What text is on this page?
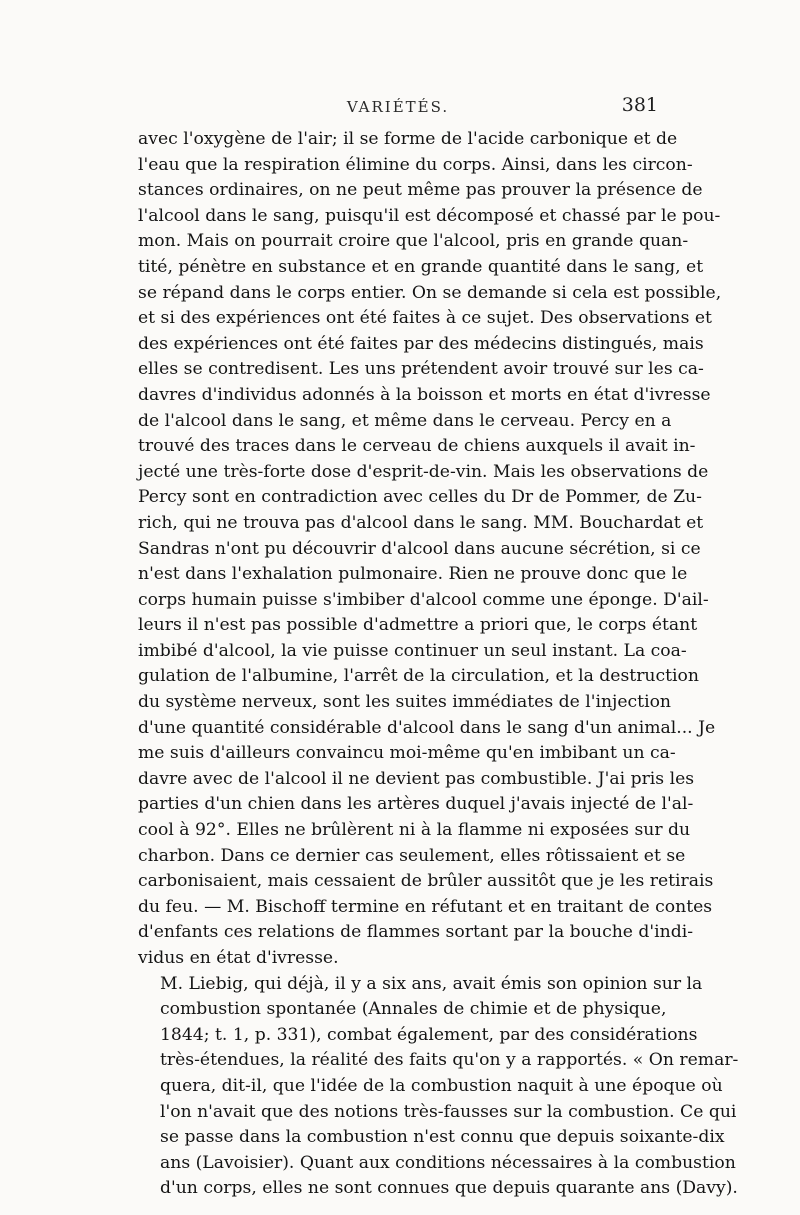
VARIÉTÉS.	381

avec l'oxygène de l'air; il se forme de l'acide carbonique et de
l'eau que la respiration élimine du corps. Ainsi, dans les circon-
stances ordinaires, on ne peut même pas prouver la présence de
l'alcool dans le sang, puisqu'il est décomposé et chassé par le pou-
mon. Mais on pourrait croire que l'alcool, pris en grande quan-
tité, pénètre en substance et en grande quantité dans le sang, et
se répand dans le corps entier. On se demande si cela est possible,
et si des expériences ont été faites à ce sujet. Des observations et
des expériences ont été faites par des médecins distingués, mais
elles se contredisent. Les uns prétendent avoir trouvé sur les ca-
davres d'individus adonnés à la boisson et morts en état d'ivresse
de l'alcool dans le sang, et même dans le cerveau. Percy en a
trouvé des traces dans le cerveau de chiens auxquels il avait in-
jecté une très-forte dose d'esprit-de-vin. Mais les observations de
Percy sont en contradiction avec celles du Dr de Pommer, de Zu-
rich, qui ne trouva pas d'alcool dans le sang. MM. Bouchardat et
Sandras n'ont pu découvrir d'alcool dans aucune sécrétion, si ce
n'est dans l'exhalation pulmonaire. Rien ne prouve donc que le
corps humain puisse s'imbiber d'alcool comme une éponge. D'ail-
leurs il n'est pas possible d'admettre a priori que, le corps étant
imbibé d'alcool, la vie puisse continuer un seul instant. La coa-
gulation de l'albumine, l'arrêt de la circulation, et la destruction
du système nerveux, sont les suites immédiates de l'injection
d'une quantité considérable d'alcool dans le sang d'un animal... Je
me suis d'ailleurs convaincu moi-même qu'en imbibant un ca-
davre avec de l'alcool il ne devient pas combustible. J'ai pris les
parties d'un chien dans les artères duquel j'avais injecté de l'al-
cool à 92°. Elles ne brûlèrent ni à la flamme ni exposées sur du
charbon. Dans ce dernier cas seulement, elles rôtissaient et se
carbonisaient, mais cessaient de brûler aussitôt que je les retirais
du feu. — M. Bischoff termine en réfutant et en traitant de contes
d'enfants ces relations de flammes sortant par la bouche d'indi-
vidus en état d'ivresse.

M. Liebig, qui déjà, il y a six ans, avait émis son opinion sur la
combustion spontanée (Annales de chimie et de physique,
1844; t. 1, p. 331), combat également, par des considérations
très-étendues, la réalité des faits qu'on y a rapportés. « On remar-
quera, dit-il, que l'idée de la combustion naquit à une époque où
l'on n'avait que des notions très-fausses sur la combustion. Ce qui
se passe dans la combustion n'est connu que depuis soixante-dix
ans (Lavoisier). Quant aux conditions nécessaires à la combustion
d'un corps, elles ne sont connues que depuis quarante ans (Davy).
